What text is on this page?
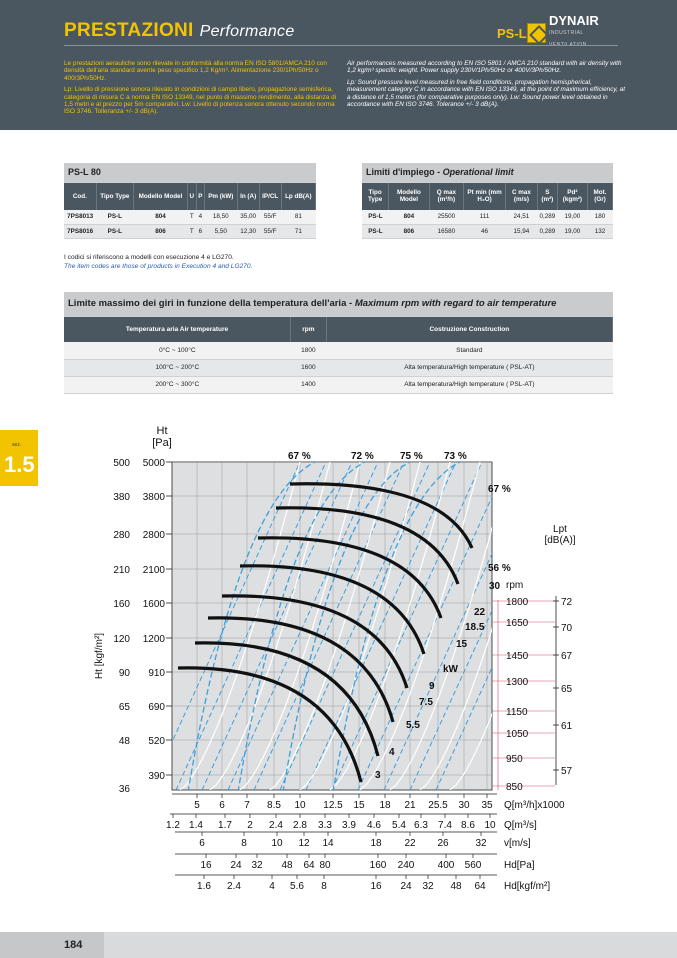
PRESTAZIONI Performance	PS-L
DYNAIR
INDUSTRIAL

Le prestazioni aerauliche sono rilevate in conformità alla norma EN ISO 5801/AMCA 210 con densità dell'aria standard avente peso specifico 1,2 Kg/m³. Alimentazione 230/1Ph/50Hz o 400/3Ph/50Hz.

Lp: Livello di pressione sonora rilevato in condizioni di campo libero, propagazione semisferica, categoria di misura C a norma EN ISO 13349, nel punto di massimo rendimento, alla distanza di 1,5 metri e al prezzo per 5m comparativi. Lw: Livello di potenza sonora ottenuto secondo norma ISO 3746. Tolleranza +/- 3 dB(A).

Air performances measured according to EN ISO 5801 / AMCA 210 standard with air density with 1,2 kg/m³ specific weight. Power supply 230V/1Ph/50Hz or 400V/3Ph/50Hz.

Lp: Sound pressure level measured in free field conditions, propagation hemispherical, measurement category C in accordance with EN ISO 13349, at the point of maximum efficiency, at a distance of 1,5 meters (for comparative purposes only). Lw: Sound power level obtained in accordance with EN ISO 3746. Tolerance +/- 3 dB(A).

sez.
1.5
PS-L 80								
Cod.	Tipo Type	Modello Model	U	P	Pm (kW)	In (A)	IP/CL	Lp dB(A)
7PS8013	PS-L	804	T	4	18,50	35,00	55/F	81
7PS8016	PS-L	806	T	6	5,50	12,30	55/F	71
Limiti d'impiego - Operational limit							
Tipo Type	Modello Model	Q max (m³/h)	Pt min (mm H₂O)	C max (m/s)	S (m²)	Pd² (kgm²)	Mot. (Gr)
PS-L	804	25500	111	24,51	0,289	19,00	180
PS-L	806	16580	46	15,94	0,289	19,00	132
I codici si riferiscono a modelli con esecuzione 4 e LG270.
The item codes are those of products in Execution 4 and LG270.
Limite massimo dei giri in funzione della temperatura dell'aria - Maximum rpm with regard to air temperature		
Temperatura aria Air temperature	rpm	Costruzione Construction
0°C ~ 100°C	1800	Standard
100°C ~ 200°C	1600	Alta temperatura/High temperature ( PSL-AT)
200°C ~ 300°C	1400	Alta temperatura/High temperature ( PSL-AT)
5000
500
3800
380
2800
280
2100
210
1600
160
1200
120
910
90
690
65
520
48
390
36
30
22
18.5
15
9
7.5
5.5
4
3
kW
67 %	72 %	75 % 73 %
67 %
56 %
Ht [Pa]
Ht [kgf/m²]
Lpt [dB(A)]
rpm
1800
1650
1450
1300
1150
1050
950
850
72
70
67
65
61
57
5 6 7 8.5 10 12.5 15 18 21 25.5 30 35 Q[m³/h]x1000
1.2 1.4 1.7 2 2.4 2.8 3.3 3.9 4.6 5.4 6.3 7.4 8.6 10 Q[m³/s]
6	8 10 12 14	18 22 26	32 v[m/s]
16 24 32 48 64 80	160 240 400 560 Hd[Pa]
1.6 2.4	4 5.6 8	16 24 32 48 64 Hd[kgf/m²]
184
